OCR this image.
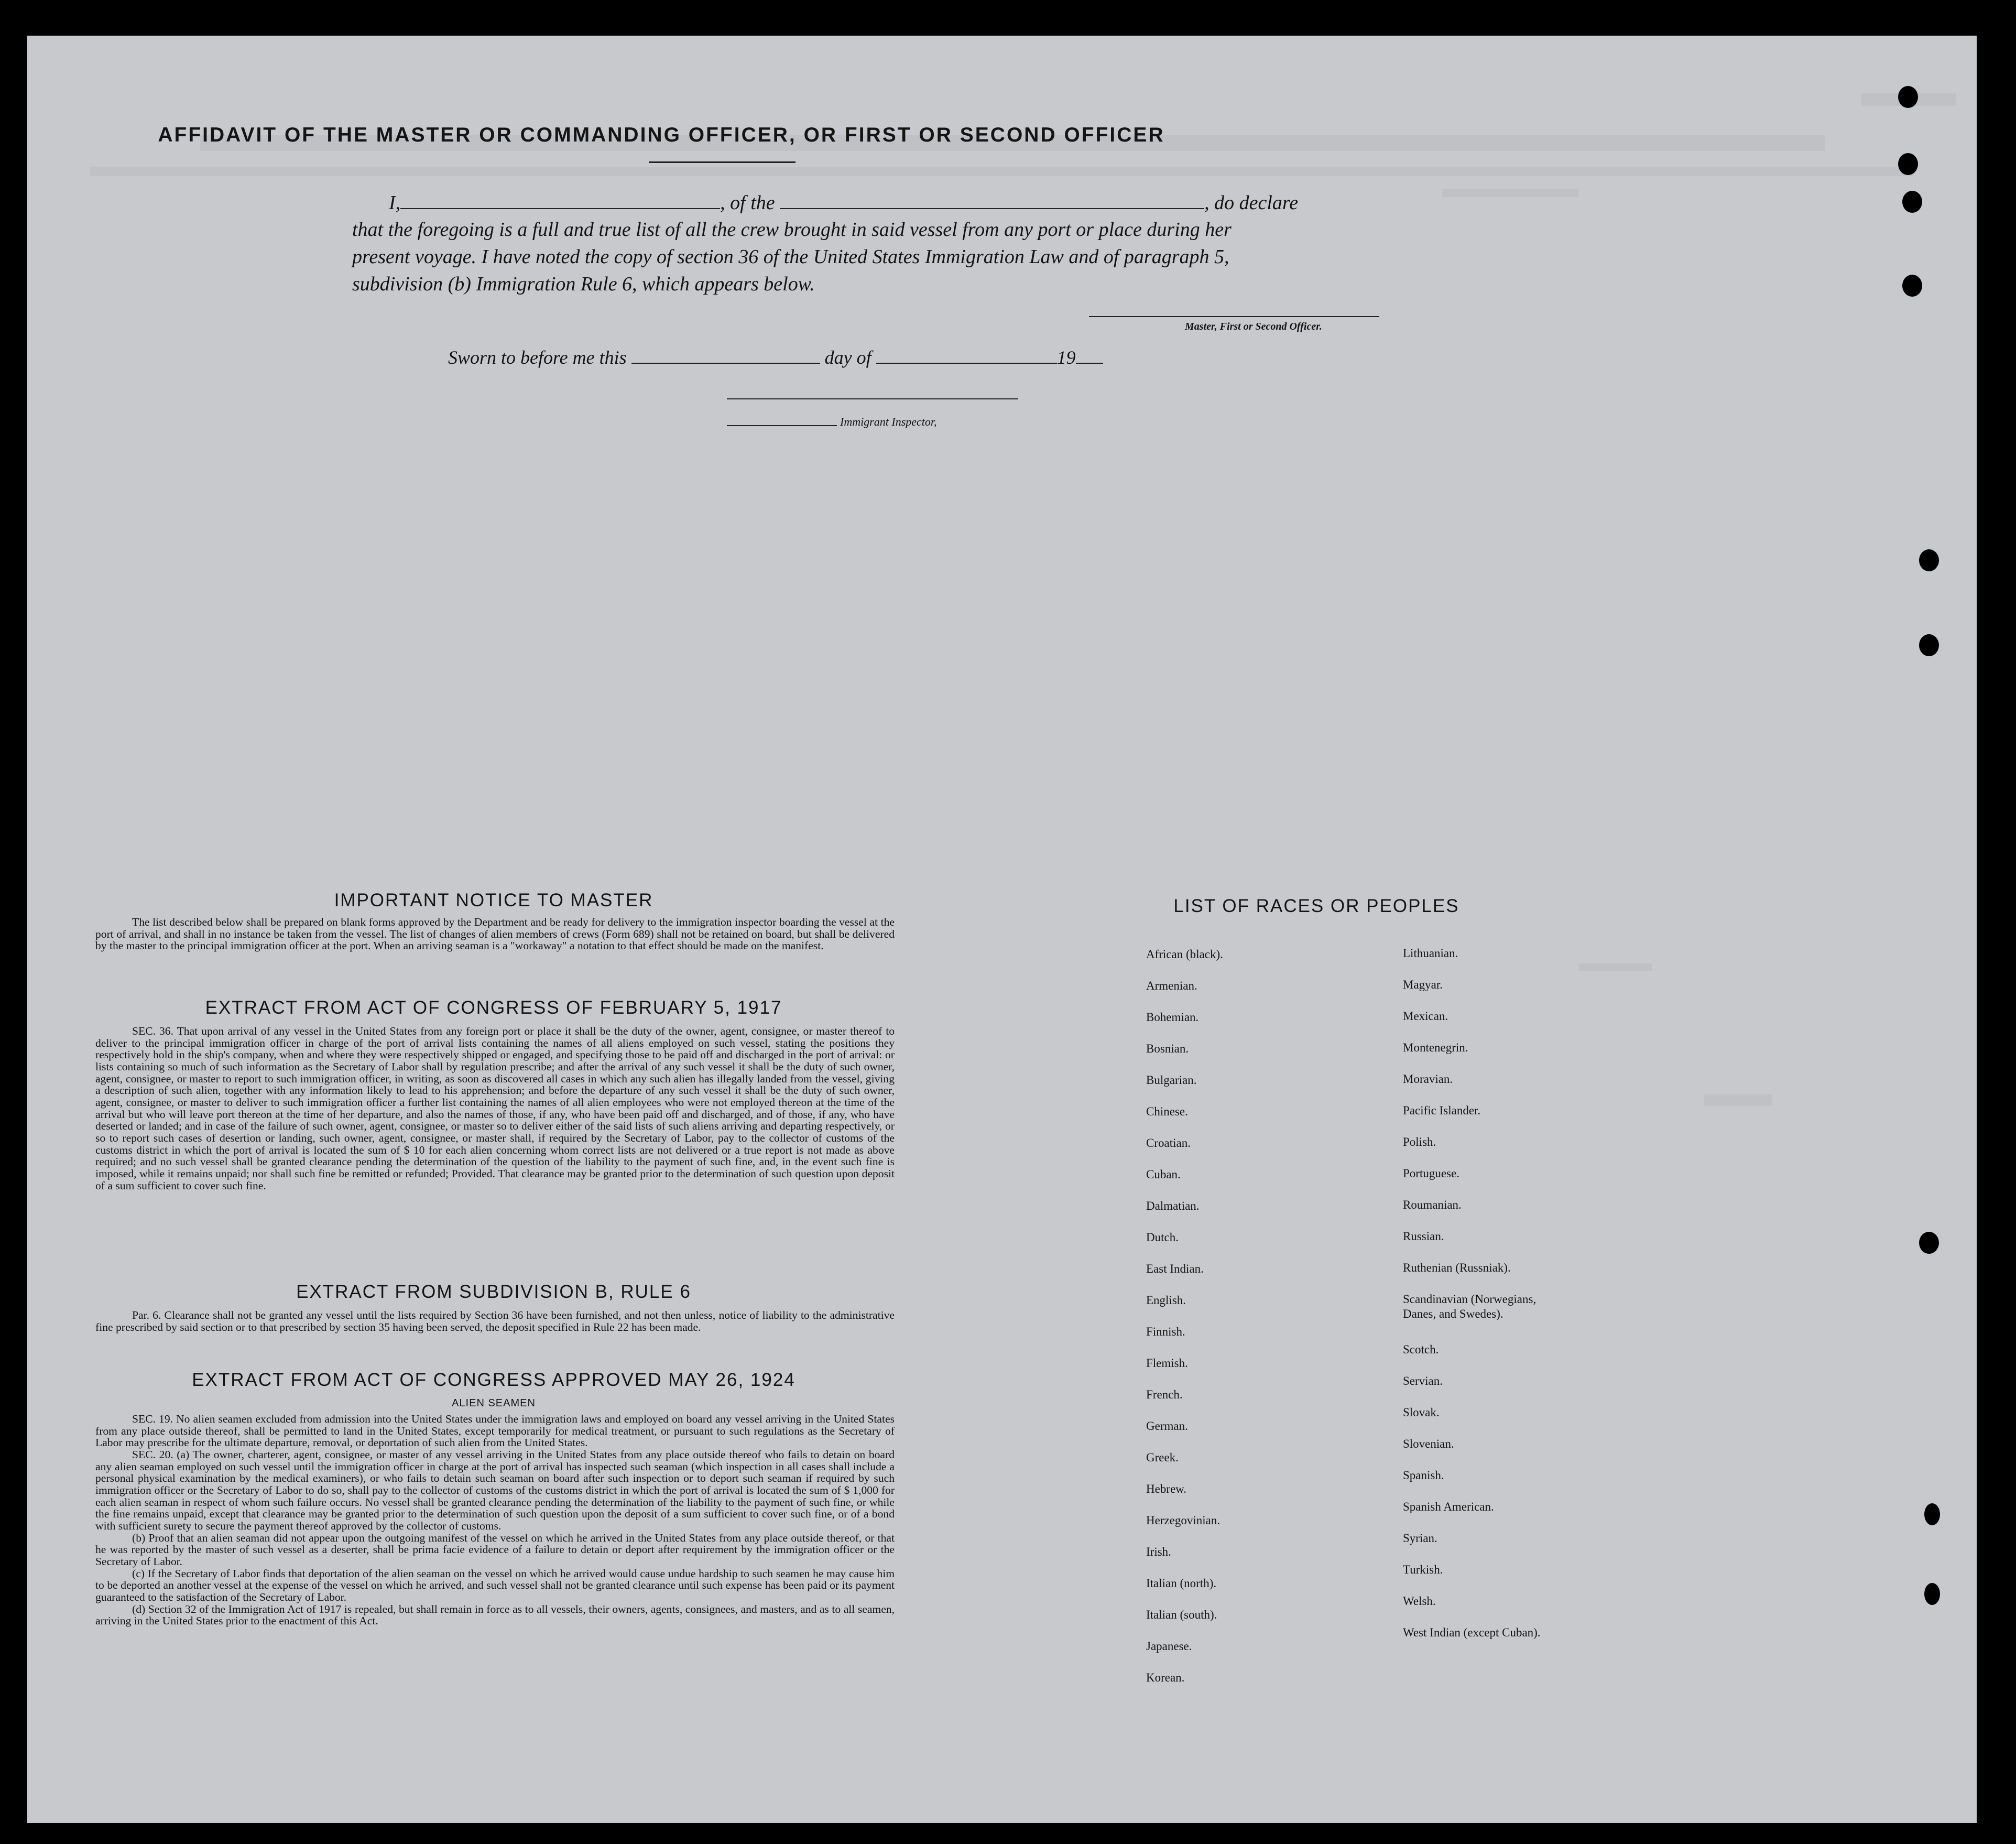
AFFIDAVIT OF THE MASTER OR COMMANDING OFFICER, OR FIRST OR SECOND OFFICER
I,	, of the	, do declare
that the foregoing is a full and true list of all the crew brought in said vessel from any port or place during her
present voyage. I have noted the copy of section 36 of the United States Immigration Law and of paragraph 5,
subdivision (b) Immigration Rule 6, which appears below.
Master, First or Second Officer.
Sworn to before me this	day of	19
Immigrant Inspector,
IMPORTANT NOTICE TO MASTER

The list described below shall be prepared on blank forms approved by the Department and be ready for delivery to the immigration inspector boarding the vessel at the port of arrival, and shall in no instance be taken from the vessel. The list of changes of alien members of crews (Form 689) shall not be retained on board, but shall be delivered by the master to the principal immigration officer at the port. When an arriving seaman is a "workaway" a notation to that effect should be made on the manifest.

EXTRACT FROM ACT OF CONGRESS OF FEBRUARY 5, 1917

SEC. 36. That upon arrival of any vessel in the United States from any foreign port or place it shall be the duty of the owner, agent, consignee, or master thereof to deliver to the principal immigration officer in charge of the port of arrival lists containing the names of all aliens employed on such vessel, stating the positions they respectively hold in the ship's company, when and where they were respectively shipped or engaged, and specifying those to be paid off and discharged in the port of arrival: or lists containing so much of such information as the Secretary of Labor shall by regulation prescribe; and after the arrival of any such vessel it shall be the duty of such owner, agent, consignee, or master to report to such immigration officer, in writing, as soon as discovered all cases in which any such alien has illegally landed from the vessel, giving a description of such alien, together with any information likely to lead to his apprehension; and before the departure of any such vessel it shall be the duty of such owner, agent, consignee, or master to deliver to such immigration officer a further list containing the names of all alien employees who were not employed thereon at the time of the arrival but who will leave port thereon at the time of her departure, and also the names of those, if any, who have been paid off and discharged, and of those, if any, who have deserted or landed; and in case of the failure of such owner, agent, consignee, or master so to deliver either of the said lists of such aliens arriving and departing respectively, or so to report such cases of desertion or landing, such owner, agent, consignee, or master shall, if required by the Secretary of Labor, pay to the collector of customs of the customs district in which the port of arrival is located the sum of $ 10 for each alien concerning whom correct lists are not delivered or a true report is not made as above required; and no such vessel shall be granted clearance pending the determination of the question of the liability to the payment of such fine, and, in the event such fine is imposed, while it remains unpaid; nor shall such fine be remitted or refunded; Provided. That clearance may be granted prior to the determination of such question upon deposit of a sum sufficient to cover such fine.

EXTRACT FROM SUBDIVISION B, RULE 6

Par. 6. Clearance shall not be granted any vessel until the lists required by Section 36 have been furnished, and not then unless, notice of liability to the administrative fine prescribed by said section or to that prescribed by section 35 having been served, the deposit specified in Rule 22 has been made.

EXTRACT FROM ACT OF CONGRESS APPROVED MAY 26, 1924
ALIEN SEAMEN

SEC. 19. No alien seamen excluded from admission into the United States under the immigration laws and employed on board any vessel arriving in the United States from any place outside thereof, shall be permitted to land in the United States, except temporarily for medical treatment, or pursuant to such regulations as the Secretary of Labor may prescribe for the ultimate departure, removal, or deportation of such alien from the United States.

SEC. 20. (a) The owner, charterer, agent, consignee, or master of any vessel arriving in the United States from any place outside thereof who fails to detain on board any alien seaman employed on such vessel until the immigration officer in charge at the port of arrival has inspected such seaman (which inspection in all cases shall include a personal physical examination by the medical examiners), or who fails to detain such seaman on board after such inspection or to deport such seaman if required by such immigration officer or the Secretary of Labor to do so, shall pay to the collector of customs of the customs district in which the port of arrival is located the sum of $ 1,000 for each alien seaman in respect of whom such failure occurs. No vessel shall be granted clearance pending the determination of the liability to the payment of such fine, or while the fine remains unpaid, except that clearance may be granted prior to the determination of such question upon the deposit of a sum sufficient to cover such fine, or of a bond with sufficient surety to secure the payment thereof approved by the collector of customs.

(b) Proof that an alien seaman did not appear upon the outgoing manifest of the vessel on which he arrived in the United States from any place outside thereof, or that he was reported by the master of such vessel as a deserter, shall be prima facie evidence of a failure to detain or deport after requirement by the immigration officer or the Secretary of Labor.

(c) If the Secretary of Labor finds that deportation of the alien seaman on the vessel on which he arrived would cause undue hardship to such seamen he may cause him to be deported an another vessel at the expense of the vessel on which he arrived, and such vessel shall not be granted clearance until such expense has been paid or its payment guaranteed to the satisfaction of the Secretary of Labor.

(d) Section 32 of the Immigration Act of 1917 is repealed, but shall remain in force as to all vessels, their owners, agents, consignees, and masters, and as to all seamen, arriving in the United States prior to the enactment of this Act.

LIST OF RACES OR PEOPLES
African (black).
Armenian.
Bohemian.
Bosnian.
Bulgarian.
Chinese.
Croatian.
Cuban.
Dalmatian.
Dutch.
East Indian.
English.
Finnish.
Flemish.
French.
German.
Greek.
Hebrew.
Herzegovinian.
Irish.
Italian (north).
Italian (south).
Japanese.
Korean.
Lithuanian.
Magyar.
Mexican.
Montenegrin.
Moravian.
Pacific Islander.
Polish.
Portuguese.
Roumanian.
Russian.
Ruthenian (Russniak).
Scandinavian (Norwegians,
Danes, and Swedes).
Scotch.
Servian.
Slovak.
Slovenian.
Spanish.
Spanish American.
Syrian.
Turkish.
Welsh.
West Indian (except Cuban).
